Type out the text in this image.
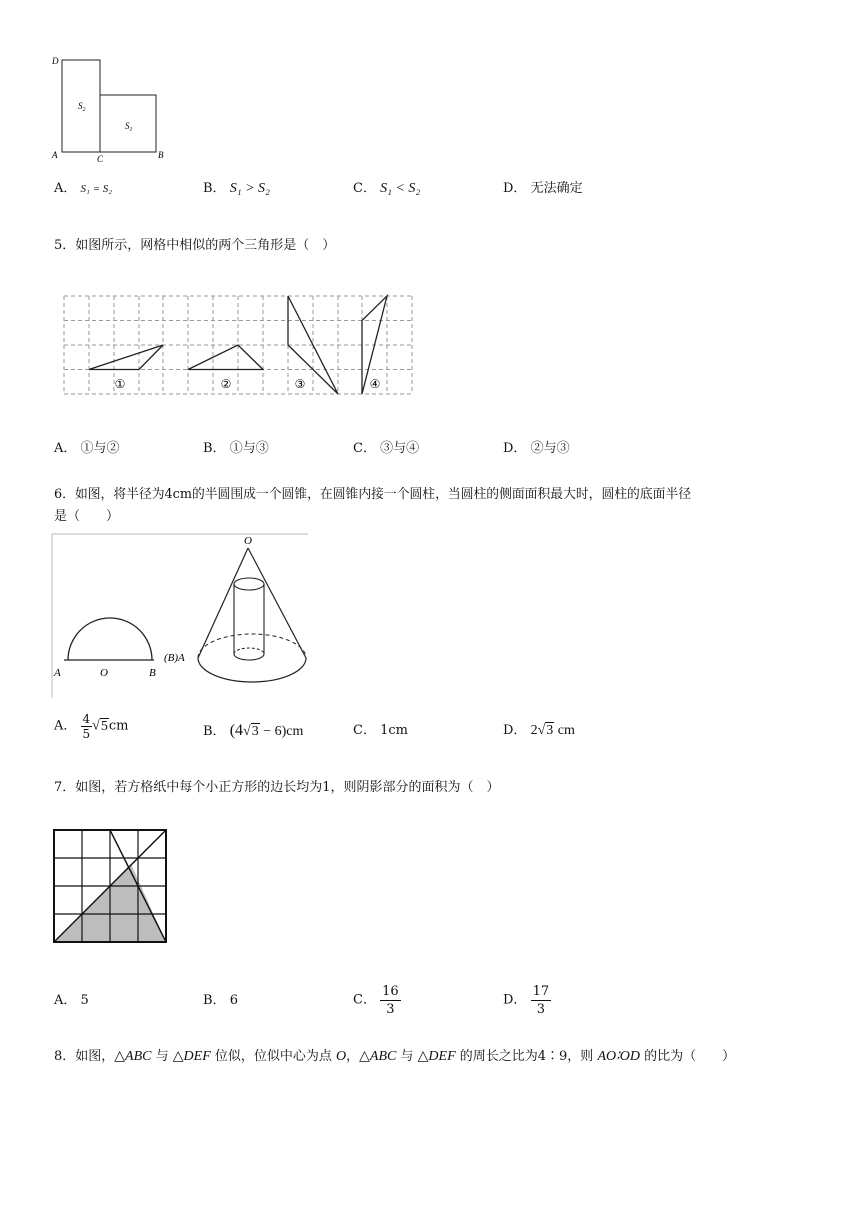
D
A	C	B
$S_2$
$S_1$
A． S₁ = S₂	B． S₁ > S₂	C． S₁ < S₂	D． 无法确定
5．如图所示，网格中相似的两个三角形是（　）
①	②	③	④
A． ①与②	B． ①与③	C． ③与④	D． ②与③
6．如图，将半径为4cm的半圆围成一个圆锥，在圆锥内接一个圆柱，当圆柱的侧面面积最大时，圆柱的底面半径
是（　　）
A	O	B
O
(B)A
A． $\frac{4}{5} √5cm$	B． (4√3 − 6)cm	C． 1cm	D． 2√3 cm
7．如图，若方格纸中每个小正方形的边长均为1，则阴影部分的面积为（　）
A． 5	B． 6	C． $\frac{16}{3}$	D． $\frac{17}{3}$
8．如图，△ABC 与 △DEF 位似，位似中心为点 O，△ABC 与 △DEF 的周长之比为4∶9，则 AO∶OD 的比为（　　）
